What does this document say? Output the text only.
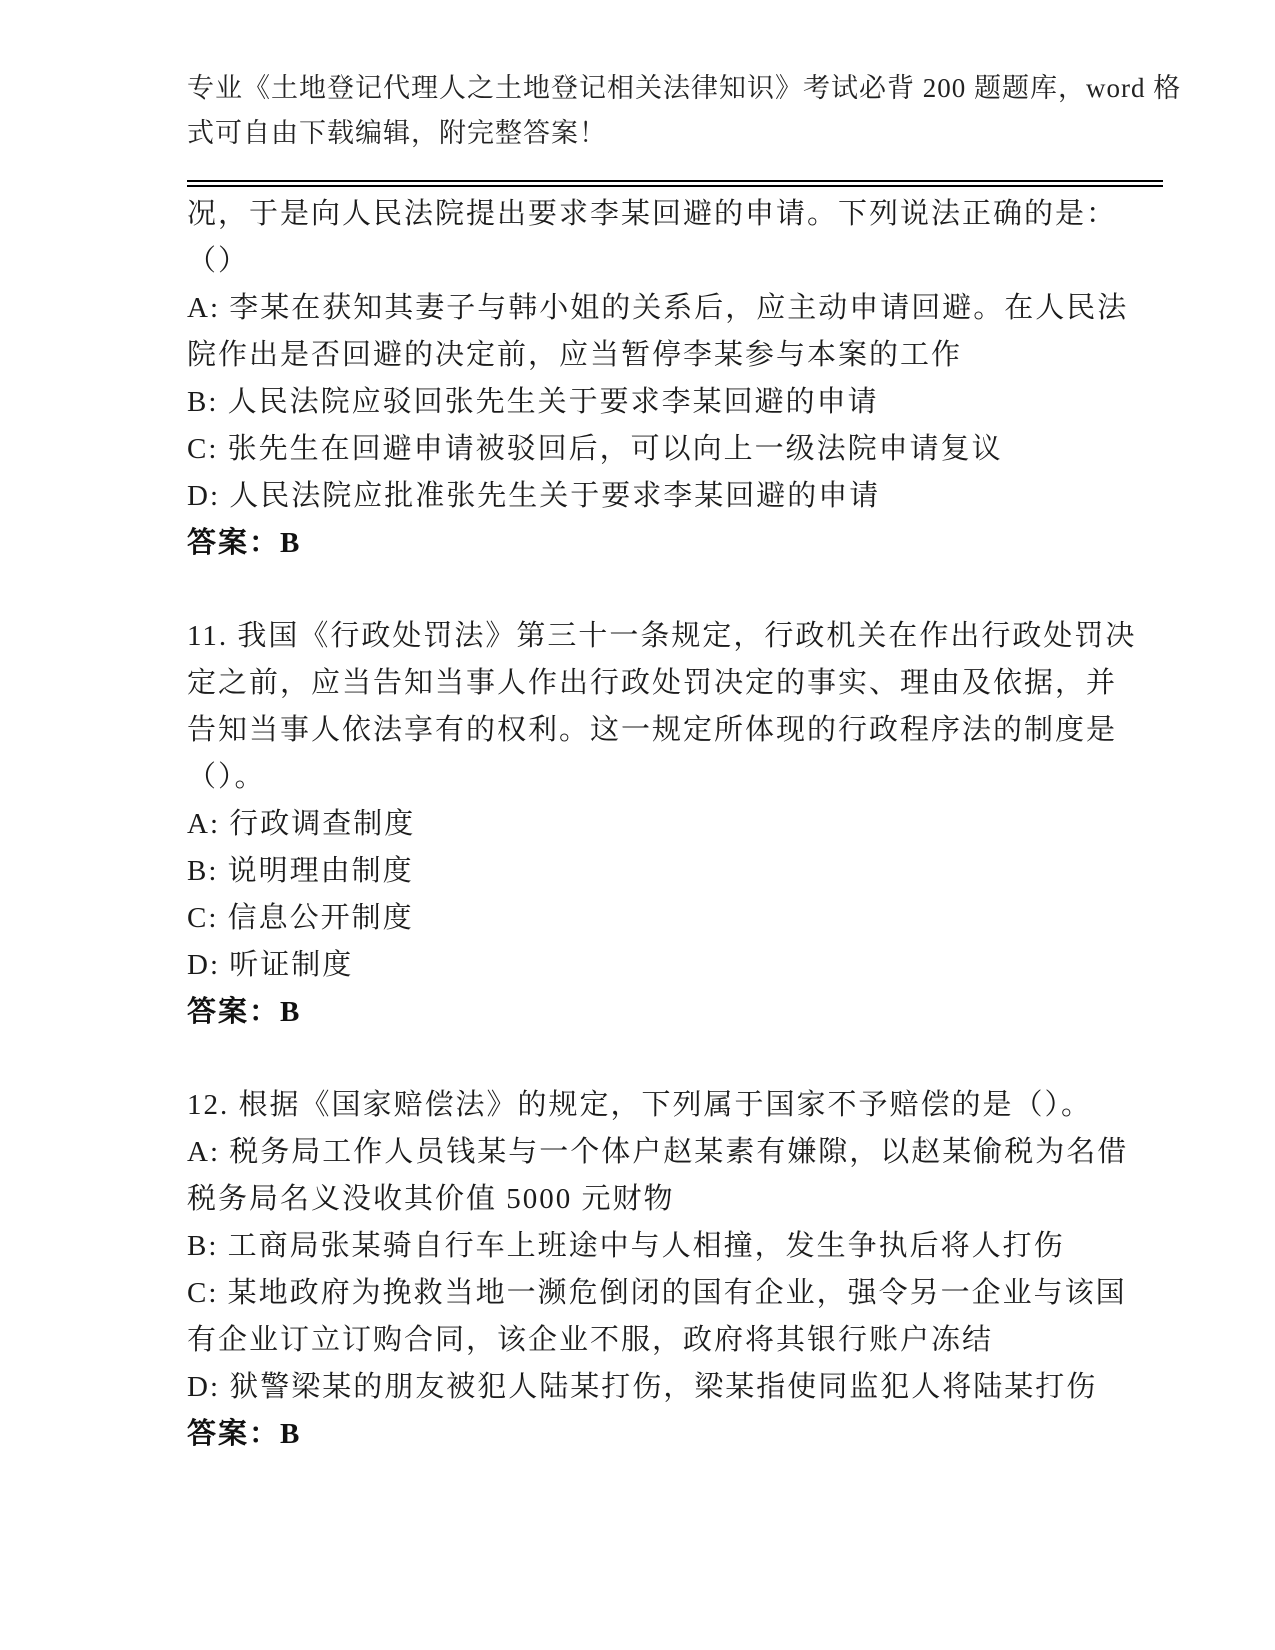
专业《土地登记代理人之土地登记相关法律知识》考试必背 200 题题库，word 格
式可自由下载编辑，附完整答案！
况，于是向人民法院提出要求李某回避的申请。下列说法正确的是：
（）
A: 李某在获知其妻子与韩小姐的关系后，应主动申请回避。在人民法
院作出是否回避的决定前，应当暂停李某参与本案的工作
B: 人民法院应驳回张先生关于要求李某回避的申请
C: 张先生在回避申请被驳回后，可以向上一级法院申请复议
D: 人民法院应批准张先生关于要求李某回避的申请
答案：B
11. 我国《行政处罚法》第三十一条规定，行政机关在作出行政处罚决
定之前，应当告知当事人作出行政处罚决定的事实、理由及依据，并
告知当事人依法享有的权利。这一规定所体现的行政程序法的制度是
（）。
A: 行政调查制度
B: 说明理由制度
C: 信息公开制度
D: 听证制度
答案：B
12. 根据《国家赔偿法》的规定，下列属于国家不予赔偿的是（）。
A: 税务局工作人员钱某与一个体户赵某素有嫌隙，以赵某偷税为名借
税务局名义没收其价值 5000 元财物
B: 工商局张某骑自行车上班途中与人相撞，发生争执后将人打伤
C: 某地政府为挽救当地一濒危倒闭的国有企业，强令另一企业与该国
有企业订立订购合同，该企业不服，政府将其银行账户冻结
D: 狱警梁某的朋友被犯人陆某打伤，梁某指使同监犯人将陆某打伤
答案：B
